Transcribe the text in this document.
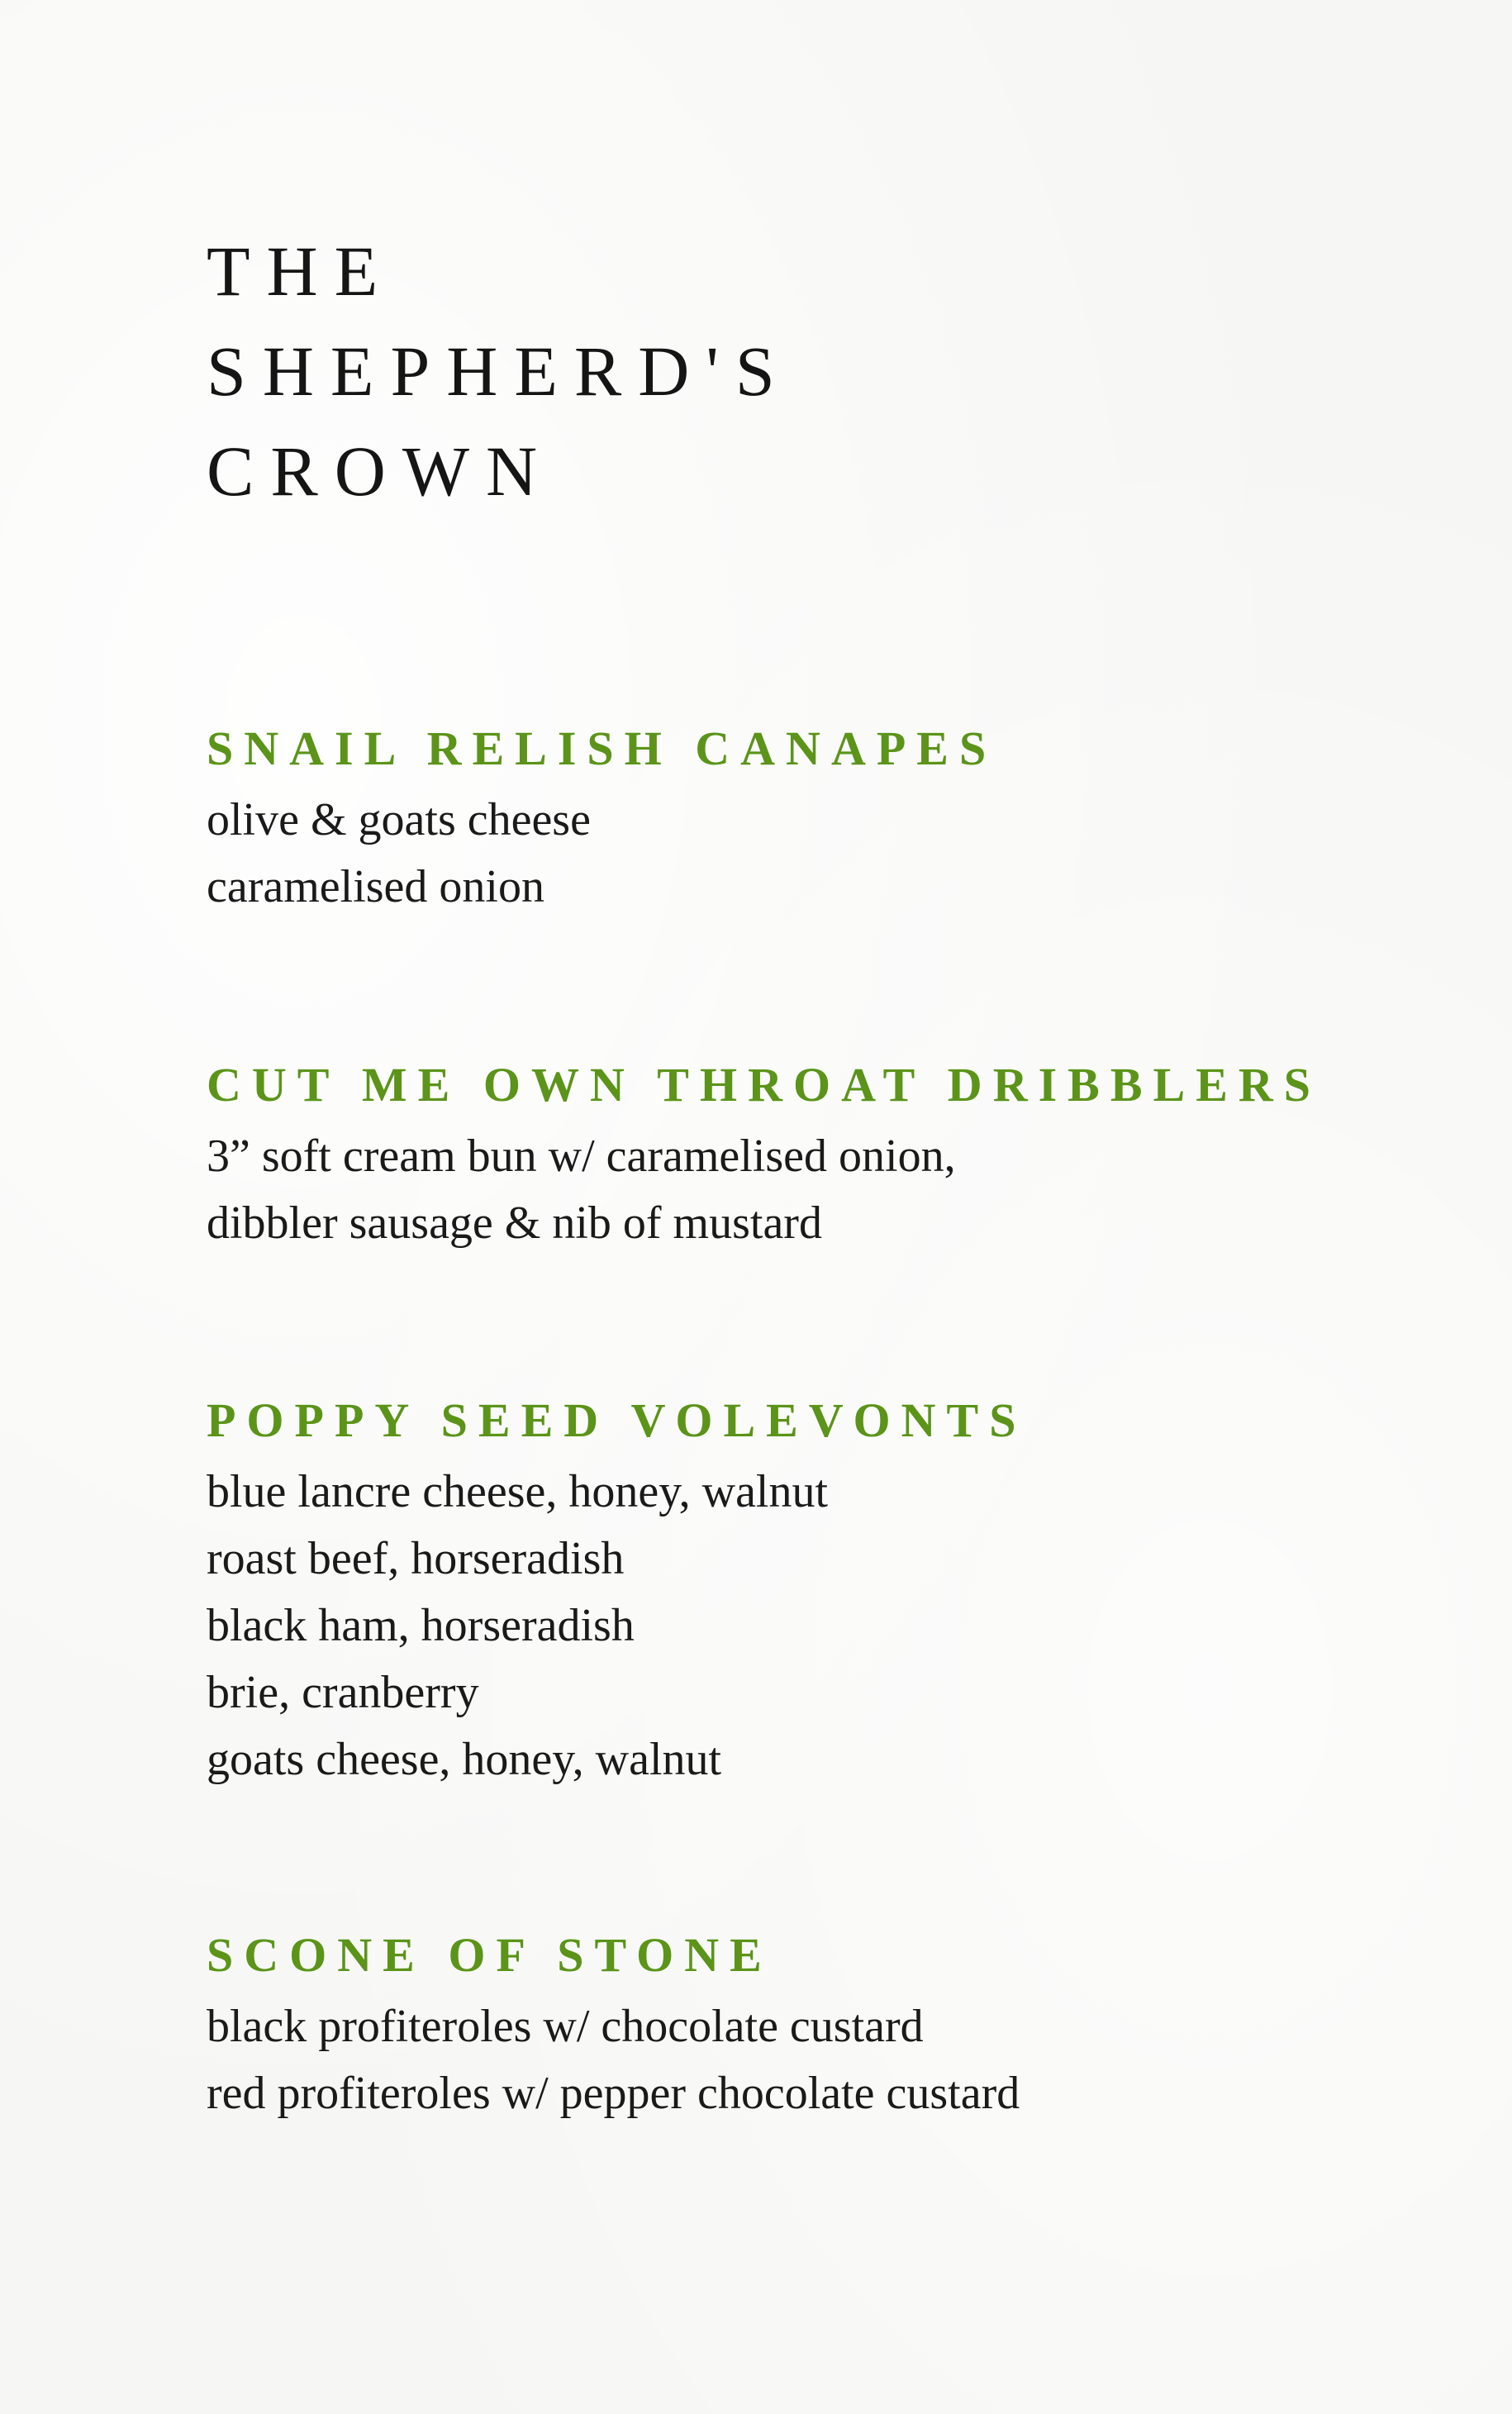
THE
SHEPHERD'S
CROWN
SNAIL RELISH CANAPES
olive & goats cheese
caramelised onion
CUT ME OWN THROAT DRIBBLERS
3” soft cream bun w/ caramelised onion,
dibbler sausage & nib of mustard
POPPY SEED VOLEVONTS
blue lancre cheese, honey, walnut
roast beef, horseradish
black ham, horseradish
brie, cranberry
goats cheese, honey, walnut
SCONE OF STONE
black profiteroles w/ chocolate custard
red profiteroles w/ pepper chocolate custard
